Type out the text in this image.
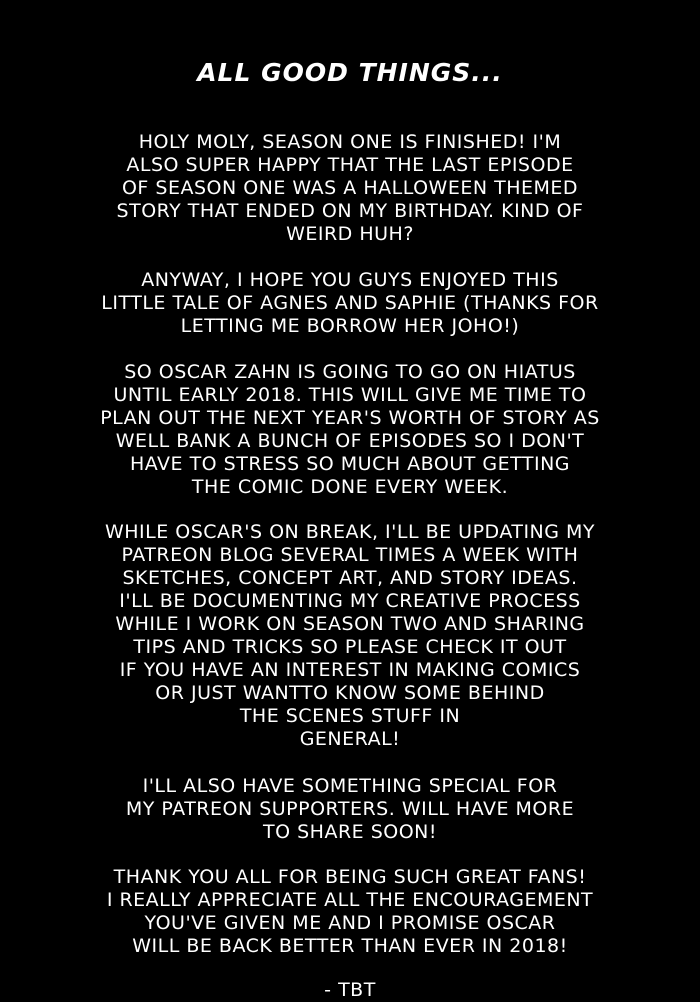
ALL GOOD THINGS...
HOLY MOLY, SEASON ONE IS FINISHED! I'M
ALSO SUPER HAPPY THAT THE LAST EPISODE
OF SEASON ONE WAS A HALLOWEEN THEMED
STORY THAT ENDED ON MY BIRTHDAY. KIND OF
WEIRD HUH?
ANYWAY, I HOPE YOU GUYS ENJOYED THIS
LITTLE TALE OF AGNES AND SAPHIE (THANKS FOR
LETTING ME BORROW HER JOHO!)
SO OSCAR ZAHN IS GOING TO GO ON HIATUS
UNTIL EARLY 2018. THIS WILL GIVE ME TIME TO
PLAN OUT THE NEXT YEAR'S WORTH OF STORY AS
WELL BANK A BUNCH OF EPISODES SO I DON'T
HAVE TO STRESS SO MUCH ABOUT GETTING
THE COMIC DONE EVERY WEEK.
WHILE OSCAR'S ON BREAK, I'LL BE UPDATING MY
PATREON BLOG SEVERAL TIMES A WEEK WITH
SKETCHES, CONCEPT ART, AND STORY IDEAS.
I'LL BE DOCUMENTING MY CREATIVE PROCESS
WHILE I WORK ON SEASON TWO AND SHARING
TIPS AND TRICKS SO PLEASE CHECK IT OUT
IF YOU HAVE AN INTEREST IN MAKING COMICS
OR JUST WANTTO KNOW SOME BEHIND
THE SCENES STUFF IN
GENERAL!
I'LL ALSO HAVE SOMETHING SPECIAL FOR
MY PATREON SUPPORTERS. WILL HAVE MORE
TO SHARE SOON!
THANK YOU ALL FOR BEING SUCH GREAT FANS!
I REALLY APPRECIATE ALL THE ENCOURAGEMENT
YOU'VE GIVEN ME AND I PROMISE OSCAR
WILL BE BACK BETTER THAN EVER IN 2018!
- TBT
